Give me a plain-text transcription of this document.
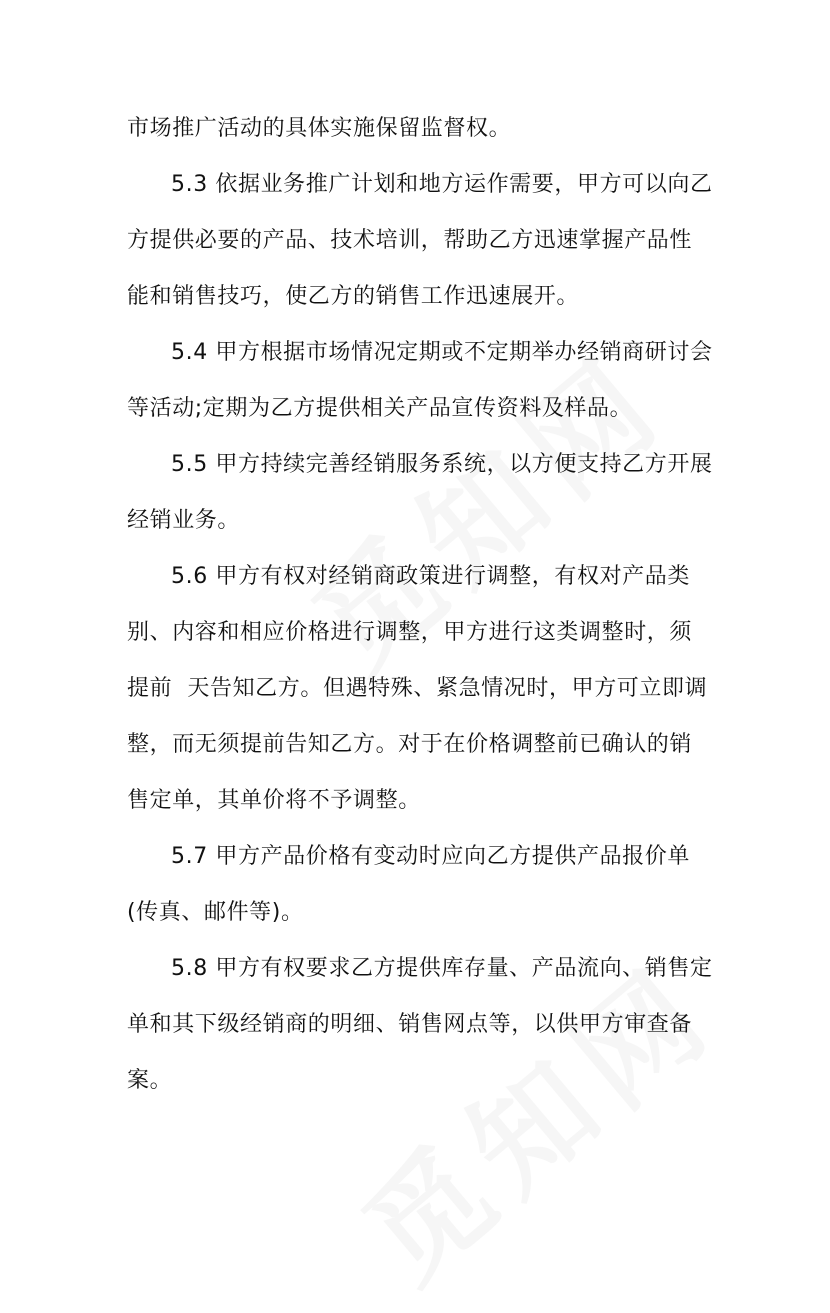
市场推广活动的具体实施保留监督权。
5.3 依据业务推广计划和地方运作需要，甲方可以向乙
方提供必要的产品、技术培训，帮助乙方迅速掌握产品性
能和销售技巧，使乙方的销售工作迅速展开。
5.4 甲方根据市场情况定期或不定期举办经销商研讨会
等活动;定期为乙方提供相关产品宣传资料及样品。
5.5 甲方持续完善经销服务系统，以方便支持乙方开展
经销业务。
5.6 甲方有权对经销商政策进行调整，有权对产品类
别、内容和相应价格进行调整，甲方进行这类调整时，须
提前  天告知乙方。但遇特殊、紧急情况时，甲方可立即调
整，而无须提前告知乙方。对于在价格调整前已确认的销
售定单，其单价将不予调整。
5.7 甲方产品价格有变动时应向乙方提供产品报价单
(传真、邮件等)。
5.8 甲方有权要求乙方提供库存量、产品流向、销售定
单和其下级经销商的明细、销售网点等，以供甲方审查备
案。
